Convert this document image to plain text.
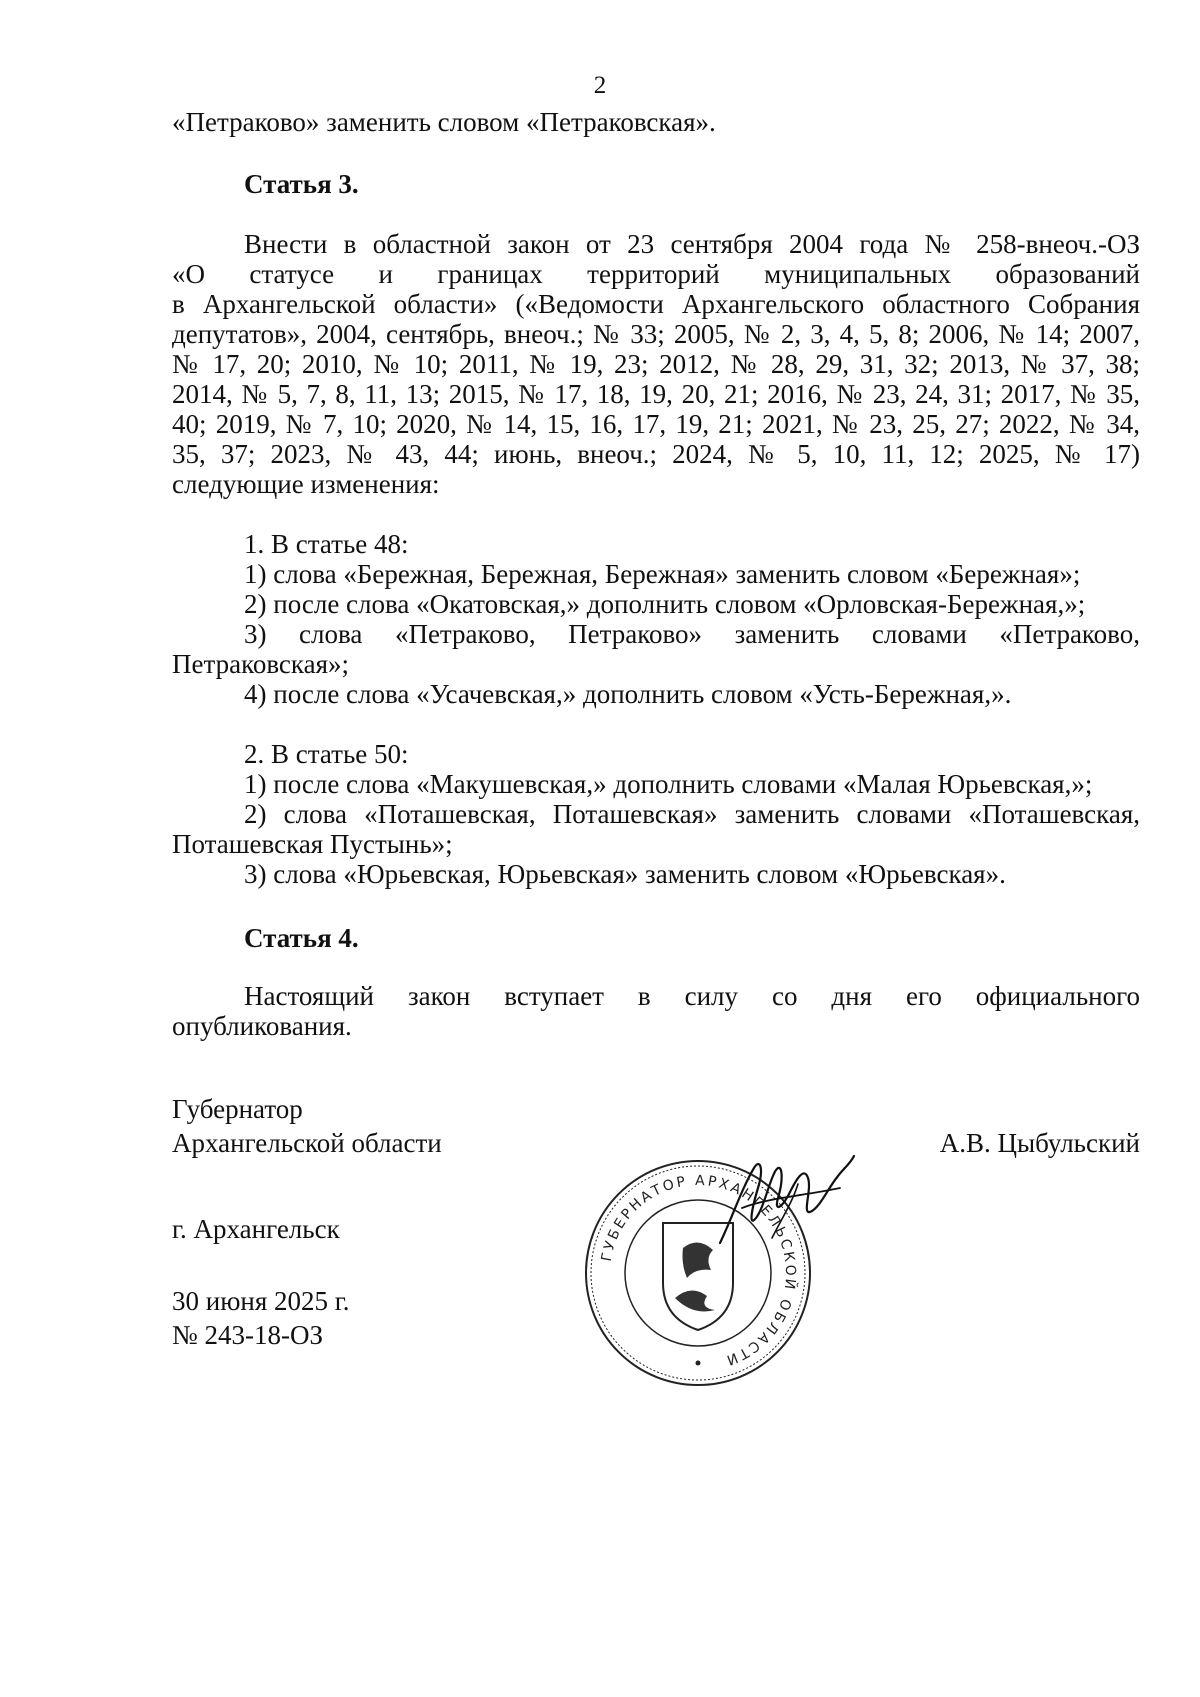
2
«Петраково» заменить словом «Петраковская».
Статья 3.
Внести в областной закон от 23 сентября 2004 года № 258-внеоч.-ОЗ
«О статусе и границах территорий муниципальных образований
в Архангельской области» («Ведомости Архангельского областного Собрания
депутатов», 2004, сентябрь, внеоч.; № 33; 2005, № 2, 3, 4, 5, 8; 2006, № 14; 2007,
№ 17, 20; 2010, № 10; 2011, № 19, 23; 2012, № 28, 29, 31, 32; 2013, № 37, 38;
2014, № 5, 7, 8, 11, 13; 2015, № 17, 18, 19, 20, 21; 2016, № 23, 24, 31; 2017, № 35,
40; 2019, № 7, 10; 2020, № 14, 15, 16, 17, 19, 21; 2021, № 23, 25, 27; 2022, № 34,
35, 37; 2023, № 43, 44; июнь, внеоч.; 2024, № 5, 10, 11, 12; 2025, № 17)
следующие изменения:
1. В статье 48:
1) слова «Бережная, Бережная, Бережная» заменить словом «Бережная»;
2) после слова «Окатовская,» дополнить словом «Орловская-Бережная,»;
3) слова «Петраково, Петраково» заменить словами «Петраково,
Петраковская»;
4) после слова «Усачевская,» дополнить словом «Усть-Бережная,».
2. В статье 50:
1) после слова «Макушевская,» дополнить словами «Малая Юрьевская,»;
2) слова «Поташевская, Поташевская» заменить словами «Поташевская,
Поташевская Пустынь»;
3) слова «Юрьевская, Юрьевская» заменить словом «Юрьевская».
Статья 4.
Настоящий закон вступает в силу со дня его официального
опубликования.
Губернатор
Архангельской области	А.В. Цыбульский
г. Архангельск
30 июня 2025 г.
№ 243-18-ОЗ
ГУБЕРНАТОР АРХАНГЕЛЬСКОЙ ОБЛАСТИ
